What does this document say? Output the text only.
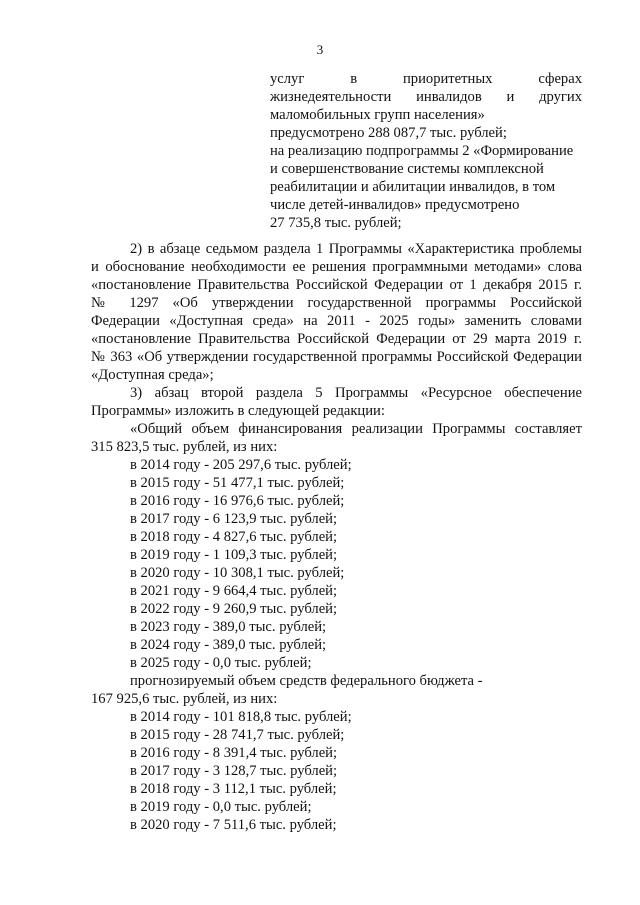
3
услуг в приоритетных сферах
жизнедеятельности инвалидов и других
маломобильных групп населения»
предусмотрено 288 087,7 тыс. рублей;
на реализацию подпрограммы 2 «Формирование
и совершенствование системы комплексной
реабилитации и абилитации инвалидов, в том
числе детей-инвалидов» предусмотрено
27 735,8 тыс. рублей;
2) в абзаце седьмом раздела 1 Программы «Характеристика проблемы
и обоснование необходимости ее решения программными методами» слова
«постановление Правительства Российской Федерации от 1 декабря 2015 г.
№ 1297 «Об утверждении государственной программы Российской
Федерации «Доступная среда» на 2011 - 2025 годы» заменить словами
«постановление Правительства Российской Федерации от 29 марта 2019 г.
№ 363 «Об утверждении государственной программы Российской Федерации
«Доступная среда»;
3) абзац второй раздела 5 Программы «Ресурсное обеспечение
Программы» изложить в следующей редакции:
«Общий объем финансирования реализации Программы составляет
315 823,5 тыс. рублей, из них:
в 2014 году - 205 297,6 тыс. рублей;
в 2015 году - 51 477,1 тыс. рублей;
в 2016 году - 16 976,6 тыс. рублей;
в 2017 году - 6 123,9 тыс. рублей;
в 2018 году - 4 827,6 тыс. рублей;
в 2019 году - 1 109,3 тыс. рублей;
в 2020 году - 10 308,1 тыс. рублей;
в 2021 году - 9 664,4 тыс. рублей;
в 2022 году - 9 260,9 тыс. рублей;
в 2023 году - 389,0 тыс. рублей;
в 2024 году - 389,0 тыс. рублей;
в 2025 году - 0,0 тыс. рублей;
прогнозируемый объем средств федерального бюджета -
167 925,6 тыс. рублей, из них:
в 2014 году - 101 818,8 тыс. рублей;
в 2015 году - 28 741,7 тыс. рублей;
в 2016 году - 8 391,4 тыс. рублей;
в 2017 году - 3 128,7 тыс. рублей;
в 2018 году - 3 112,1 тыс. рублей;
в 2019 году - 0,0 тыс. рублей;
в 2020 году - 7 511,6 тыс. рублей;
